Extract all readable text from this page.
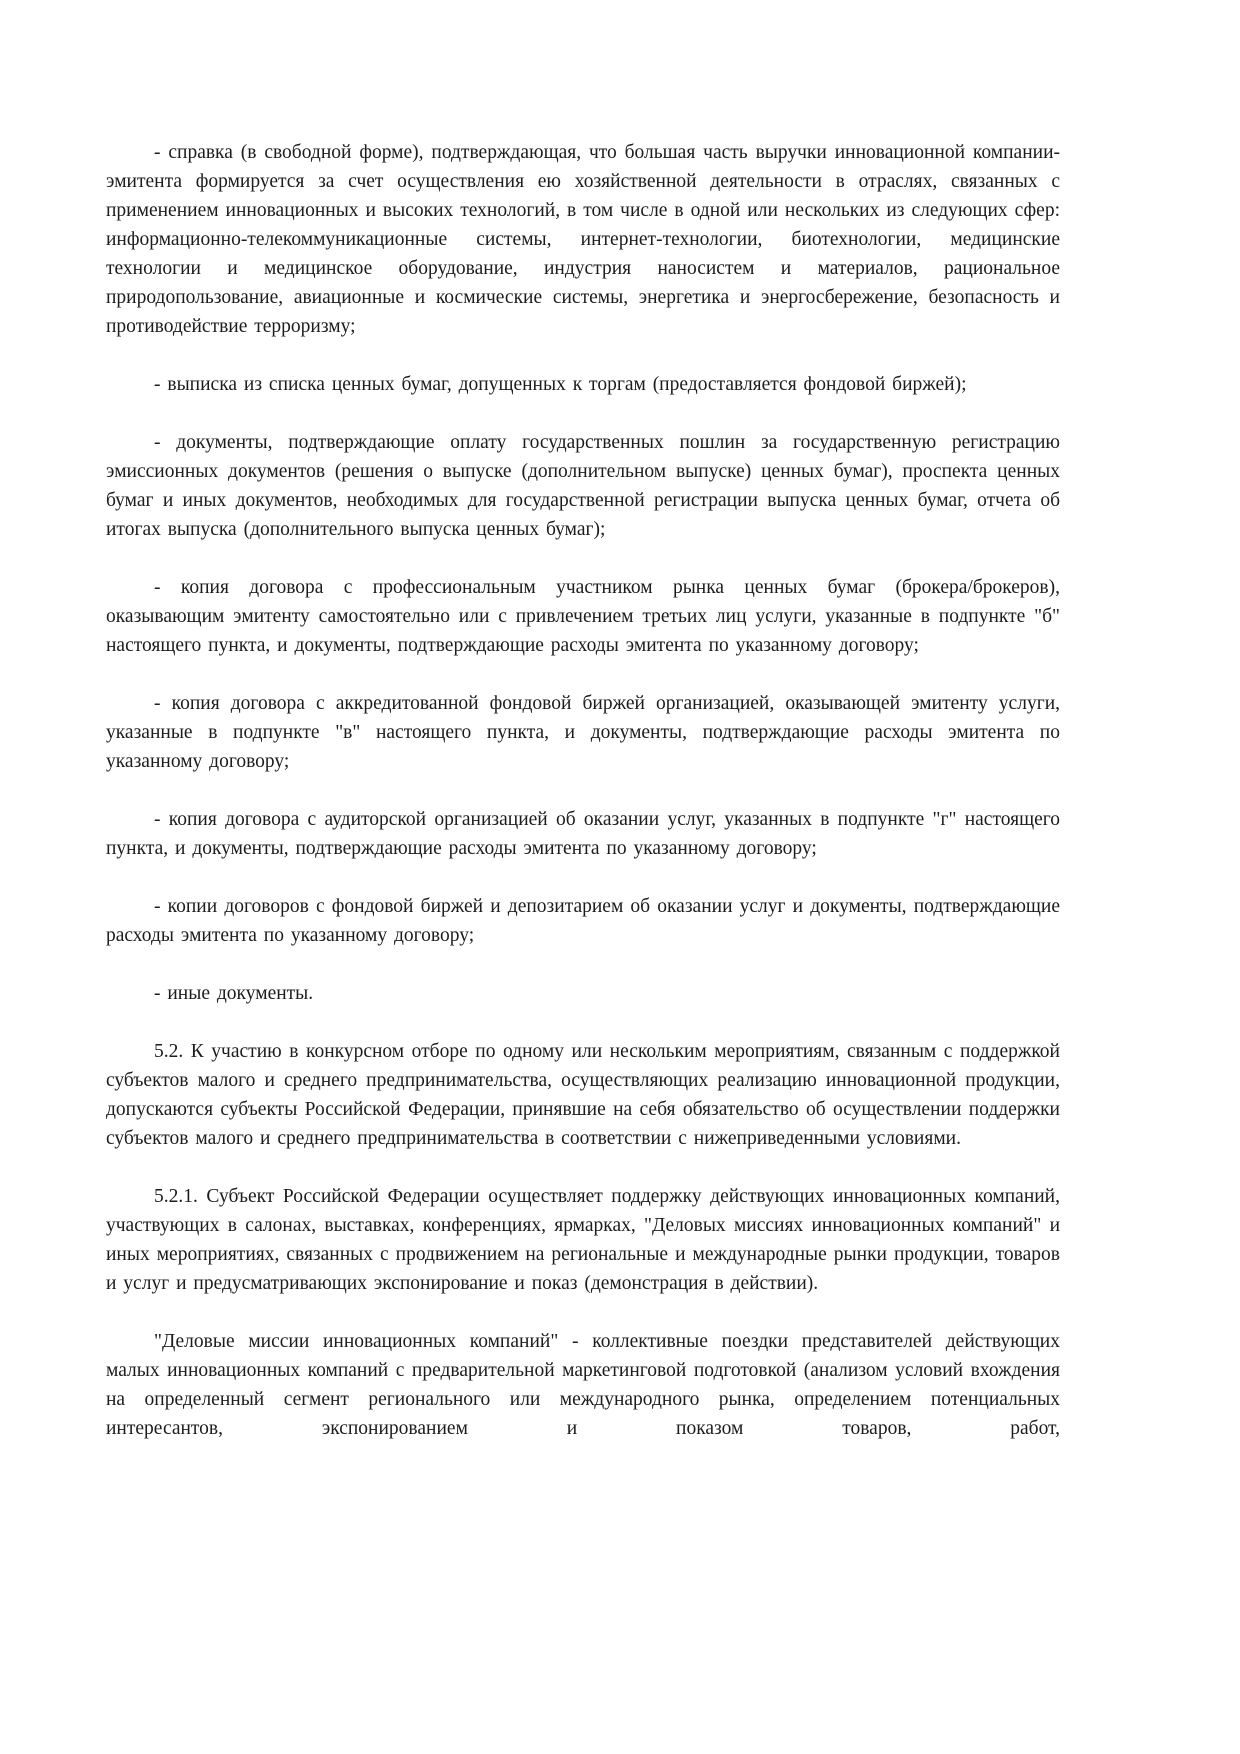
- справка (в свободной форме), подтверждающая, что большая часть выручки инновационной компании-эмитента формируется за счет осуществления ею хозяйственной деятельности в отраслях, связанных с применением инновационных и высоких технологий, в том числе в одной или нескольких из следующих сфер: информационно-телекоммуникационные системы, интернет-технологии, биотехнологии, медицинские технологии и медицинское оборудование, индустрия наносистем и материалов, рациональное природопользование, авиационные и космические системы, энергетика и энергосбережение, безопасность и противодействие терроризму;

- выписка из списка ценных бумаг, допущенных к торгам (предоставляется фондовой биржей);

- документы, подтверждающие оплату государственных пошлин за государственную регистрацию эмиссионных документов (решения о выпуске (дополнительном выпуске) ценных бумаг), проспекта ценных бумаг и иных документов, необходимых для государственной регистрации выпуска ценных бумаг, отчета об итогах выпуска (дополнительного выпуска ценных бумаг);

- копия договора с профессиональным участником рынка ценных бумаг (брокера/брокеров), оказывающим эмитенту самостоятельно или с привлечением третьих лиц услуги, указанные в подпункте "б" настоящего пункта, и документы, подтверждающие расходы эмитента по указанному договору;

- копия договора с аккредитованной фондовой биржей организацией, оказывающей эмитенту услуги, указанные в подпункте "в" настоящего пункта, и документы, подтверждающие расходы эмитента по указанному договору;

- копия договора с аудиторской организацией об оказании услуг, указанных в подпункте "г" настоящего пункта, и документы, подтверждающие расходы эмитента по указанному договору;

- копии договоров с фондовой биржей и депозитарием об оказании услуг и документы, подтверждающие расходы эмитента по указанному договору;

- иные документы.

5.2. К участию в конкурсном отборе по одному или нескольким мероприятиям, связанным с поддержкой субъектов малого и среднего предпринимательства, осуществляющих реализацию инновационной продукции, допускаются субъекты Российской Федерации, принявшие на себя обязательство об осуществлении поддержки субъектов малого и среднего предпринимательства в соответствии с нижеприведенными условиями.

5.2.1. Субъект Российской Федерации осуществляет поддержку действующих инновационных компаний, участвующих в салонах, выставках, конференциях, ярмарках, "Деловых миссиях инновационных компаний" и иных мероприятиях, связанных с продвижением на региональные и международные рынки продукции, товаров и услуг и предусматривающих экспонирование и показ (демонстрация в действии).

"Деловые миссии инновационных компаний" - коллективные поездки представителей действующих малых инновационных компаний с предварительной маркетинговой подготовкой (анализом условий вхождения на определенный сегмент регионального или международного рынка, определением потенциальных интересантов, экспонированием и показом товаров, работ,
